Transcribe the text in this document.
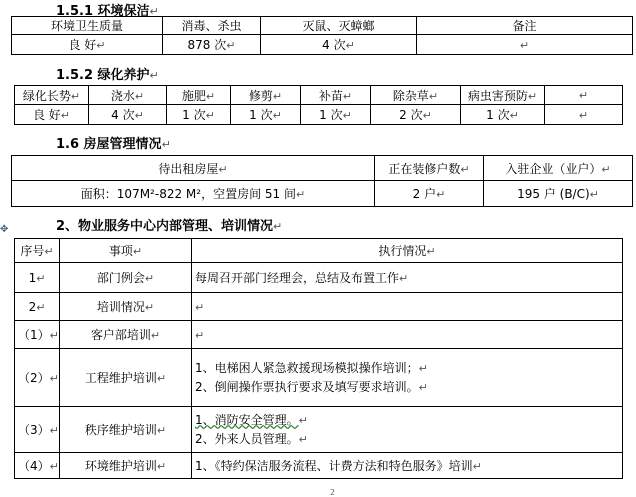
1.5.1 环境保洁↵
环境卫生质量	消毒、杀虫	灭鼠、灭蟑螂	备注
良 好↵	878 次↵	4 次↵	↵
1.5.2 绿化养护↵
绿化长势↵	浇水↵	施肥↵	修剪↵	补苗↵	除杂草↵	病虫害预防↵	↵
良 好↵	4 次↵	1 次↵	1 次↵	1 次↵	2 次↵	1 次↵	↵
1.6 房屋管理情况↵
待出租房屋↵	正在装修户数↵	入驻企业（业户）↵
面积：107M²-822 M²，空置房间 51 间↵	2 户↵	195 户 (B/C)↵
✥	2、物业服务中心内部管理、培训情况↵
序号↵	事项↵	执行情况↵	
1↵	部门例会↵	每周召开部门经理会，总结及布置工作↵	
2↵	培训情况↵	↵	
（1）↵	客户部培训↵	↵	
（2）↵	工程维护培训↵	1、电梯困人紧急救援现场模拟操作培训；↵
2、倒闸操作票执行要求及填写要求培训。↵

（3）↵	秩序维护培训↵	1、消防安全管理。↵
2、外来人员管理。↵

（4）↵	环境维护培训↵	1、《特约保洁服务流程、计费方法和特色服务》培训↵	
2
